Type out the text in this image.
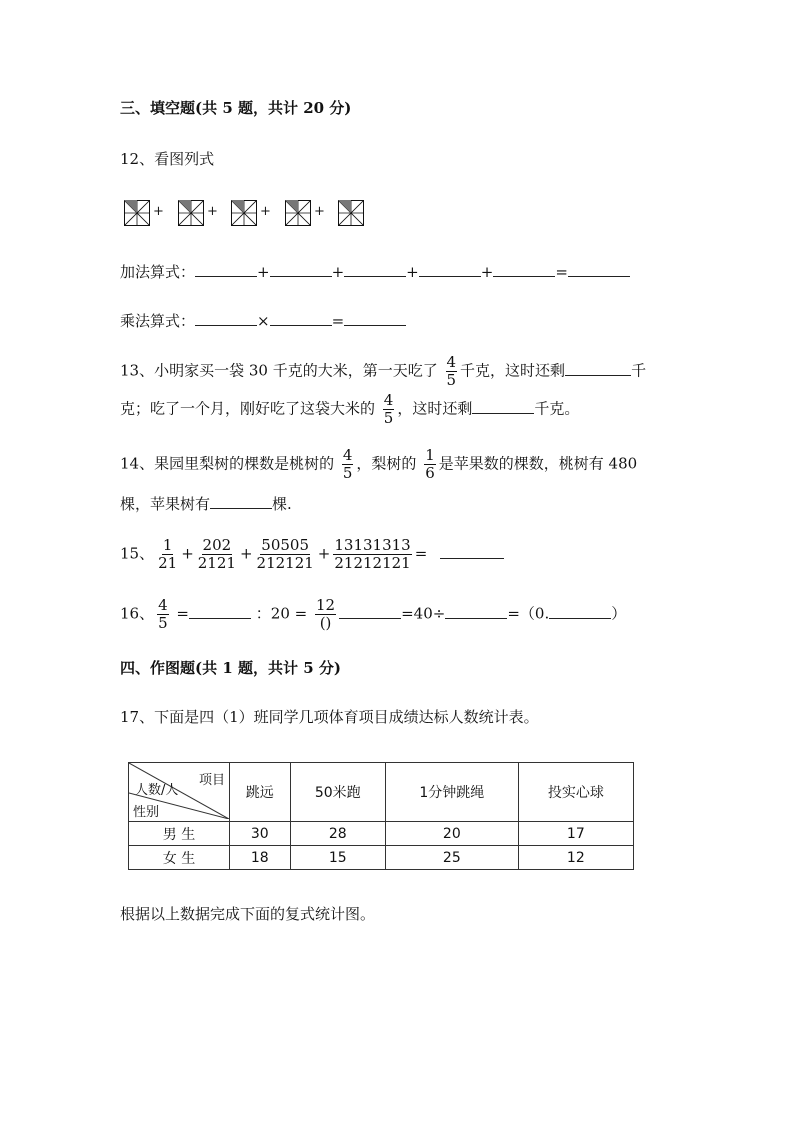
三、填空题(共 5 题，共计 20 分)
12、看图列式
+	+	+	+
加法算式：	+	+	+	+	=
乘法算式：	×	=
13、小明家买一袋 30 千克的大米，第一天吃了 $\frac{4}{5}$ 千克，这时还剩	千
克；吃了一个月，刚好吃了这袋大米的 $\frac{4}{5}$ ，这时还剩	千克。
14、果园里梨树的棵数是桃树的 $\frac{4}{5}$ ，梨树的 $\frac{1}{6}$ 是苹果数的棵数，桃树有 480
棵，苹果树有	棵.
15、 $\frac{1}{21} + \frac{202}{2121} + \frac{50505}{212121} + \frac{13131313}{21212121}$ =
16、 $\frac{4}{5}$ =	：$20 = \frac{12}{()}$	=40÷	=（0.	）
四、作图题(共 1 题，共计 5 分)
17、下面是四（1）班同学几项体育项目成绩达标人数统计表。
项目
人数/人
性别	跳远	50米跑	1分钟跳绳	投实心球
男 生	30	28	20	17
女 生	18	15	25	12
根据以上数据完成下面的复式统计图。
